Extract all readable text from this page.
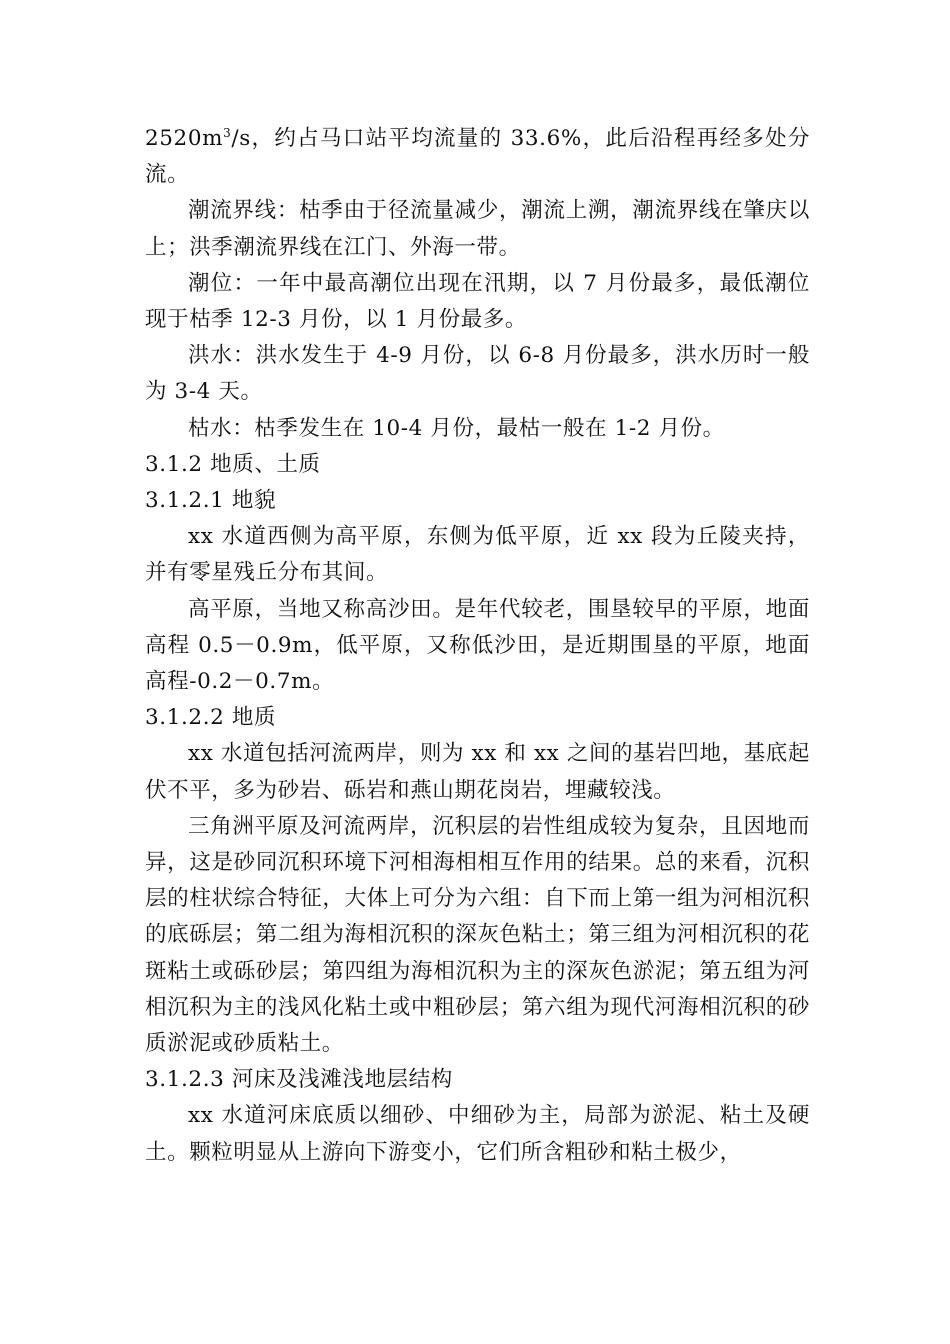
$2520m^3/s$，约占马口站平均流量的 33.6%，此后沿程再经多处分流。

潮流界线：枯季由于径流量减少，潮流上溯，潮流界线在肇庆以上；洪季潮流界线在江门、外海一带。

潮位：一年中最高潮位出现在汛期，以 7 月份最多，最低潮位现于枯季 12-3 月份，以 1 月份最多。

洪水：洪水发生于 4-9 月份，以 6-8 月份最多，洪水历时一般为 3-4 天。

枯水：枯季发生在 10-4 月份，最枯一般在 1-2 月份。

3.1.2 地质、土质

3.1.2.1 地貌

xx 水道西侧为高平原，东侧为低平原，近 xx 段为丘陵夹持，并有零星残丘分布其间。

高平原，当地又称高沙田。是年代较老，围垦较早的平原，地面高程 0.5－0.9m，低平原，又称低沙田，是近期围垦的平原，地面高程-0.2－0.7m。

3.1.2.2 地质

xx 水道包括河流两岸，则为 xx 和 xx 之间的基岩凹地，基底起伏不平，多为砂岩、砾岩和燕山期花岗岩，埋藏较浅。

三角洲平原及河流两岸，沉积层的岩性组成较为复杂，且因地而异，这是砂同沉积环境下河相海相相互作用的结果。总的来看，沉积层的柱状综合特征，大体上可分为六组：自下而上第一组为河相沉积的底砾层；第二组为海相沉积的深灰色粘土；第三组为河相沉积的花斑粘土或砾砂层；第四组为海相沉积为主的深灰色淤泥；第五组为河相沉积为主的浅风化粘土或中粗砂层；第六组为现代河海相沉积的砂质淤泥或砂质粘土。

3.1.2.3 河床及浅滩浅地层结构

xx 水道河床底质以细砂、中细砂为主，局部为淤泥、粘土及硬土。颗粒明显从上游向下游变小，它们所含粗砂和粘土极少，
